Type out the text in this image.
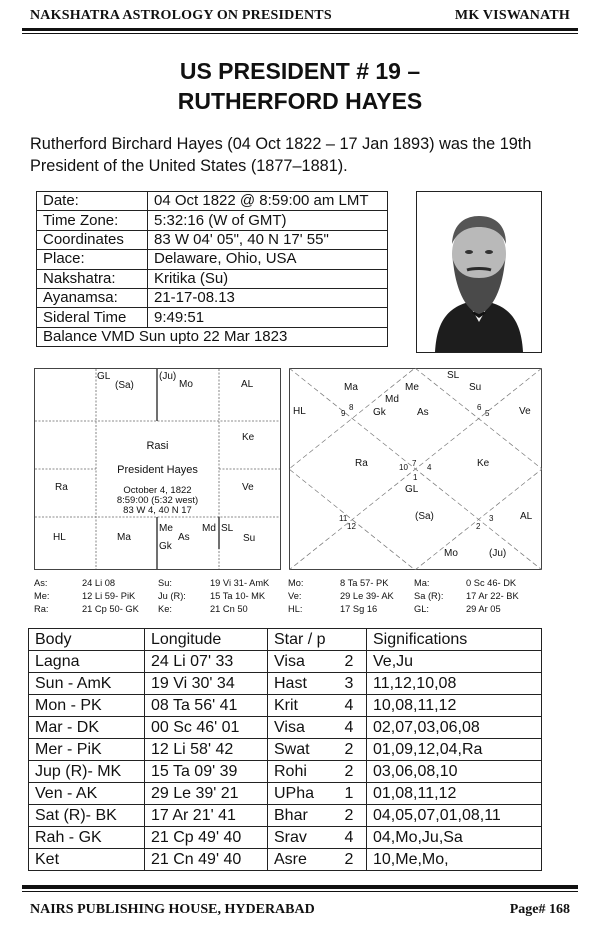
NAKSHATRA ASTROLOGY ON PRESIDENTS	MK VISWANATH
US PRESIDENT # 19 –
RUTHERFORD HAYES
Rutherford Birchard Hayes (04 Oct 1822 – 17 Jan 1893) was the 19th President of the United States (1877–1881).
Date:	04 Oct 1822 @ 8:59:00 am LMT
Time Zone:	5:32:16 (W of GMT)
Coordinates	83 W 04' 05", 40 N 17' 55"
Place:	Delaware, Ohio, USA
Nakshatra:	Kritika (Su)
Ayanamsa:	21-17-08.13
Sideral Time	9:49:51
Balance VMD Sun upto 22 Mar 1823	
GL
(Sa)
(Ju)
Mo	AL
Ke
Ve
Ra
Rasi
President Hayes
October 4, 1822
8:59:00 (5:32 west)
83 W 4, 40 N 17
HL	Ma
Me	Md
As
Gk
SL
Su
SL
Ma	Me	Su
Md
Gk	As
HL	Ve
Ra	Ke
GL
(Sa)	AL
Mo	(Ju)
9
8	6
5
10 7 4
1
11
12
3
2
As:	24 Li 08	Su:	19 Vi 31- AmK Mo:	8 Ta 57- PK	Ma:	0 Sc 46- DK
Me:	12 Li 59- PiK Ju (R):	15 Ta 10- MK Ve:	29 Le 39- AK Sa (R): 17 Ar 22- BK
Ra:	21 Cp 50- GK Ke:	21 Cn 50	HL:	17 Sg 16	GL:	29 Ar 05
Body	Longitude	Star / p		Significations
Lagna	24 Li 07' 33	Visa	2	Ve,Ju
Sun - AmK	19 Vi 30' 34	Hast	3	11,12,10,08
Mon - PK	08 Ta 56' 41	Krit	4	10,08,11,12
Mar - DK	00 Sc 46' 01	Visa	4	02,07,03,06,08
Mer - PiK	12 Li 58' 42	Swat	2	01,09,12,04,Ra
Jup (R)- MK	15 Ta 09' 39	Rohi	2	03,06,08,10
Ven - AK	29 Le 39' 21	UPha	1	01,08,11,12
Sat (R)- BK	17 Ar 21' 41	Bhar	2	04,05,07,01,08,11
Rah - GK	21 Cp 49' 40	Srav	4	04,Mo,Ju,Sa
Ket	21 Cn 49' 40	Asre	2	10,Me,Mo,
NAIRS PUBLISHING HOUSE, HYDERABAD	Page# 168
